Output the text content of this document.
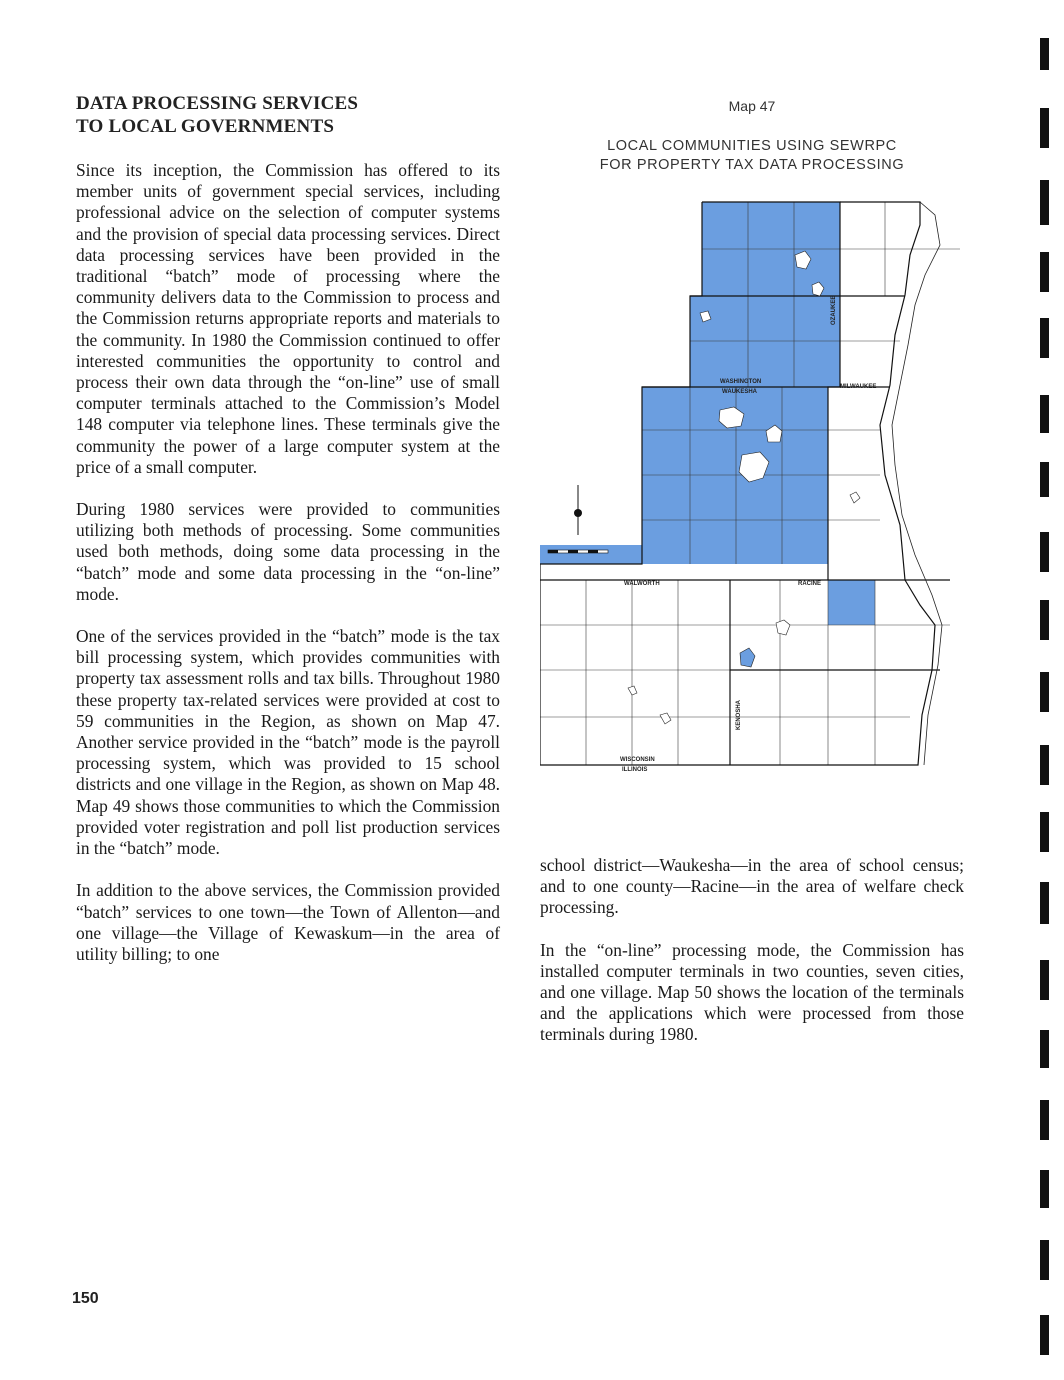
DATA PROCESSING SERVICES
TO LOCAL GOVERNMENTS

Since its inception, the Commission has offered to its member units of government special services, including professional advice on the selection of computer systems and the provision of special data processing services. Direct data processing services have been provided in the traditional “batch” mode of processing where the community delivers data to the Commission to process and the Commission returns appropriate reports and materials to the community. In 1980 the Commission continued to offer interested communities the opportunity to control and process their own data through the “on-line” use of small computer terminals attached to the Commission’s Model 148 computer via telephone lines. These terminals give the community the power of a large computer system at the price of a small computer.

During 1980 services were provided to communities utilizing both methods of processing. Some communities used both methods, doing some data processing in the “batch” mode and some data processing in the “on-line” mode.

One of the services provided in the “batch” mode is the tax bill processing system, which provides communities with property tax assessment rolls and tax bills. Throughout 1980 these property tax-related services were provided at cost to 59 communities in the Region, as shown on Map 47. Another service provided in the “batch” mode is the payroll processing system, which was provided to 15 school districts and one village in the Region, as shown on Map 48. Map 49 shows those communities to which the Commission provided voter registration and poll list production services in the “batch” mode.

In addition to the above services, the Commission provided “batch” services to one town—the Town of Allenton—and one village—the Village of Kewaskum—in the area of utility billing; to one

Map 47
LOCAL COMMUNITIES USING SEWRPC
FOR PROPERTY TAX DATA PROCESSING
WASHINGTON
OZAUKEE
WAUKESHA
MILWAUKEE
WALWORTH	RACINE
KENOSHA
WISCONSIN
ILLINOIS

school district—Waukesha—in the area of school census; and to one county—Racine—in the area of welfare check processing.

In the “on-line” processing mode, the Commission has installed computer terminals in two counties, seven cities, and one village. Map 50 shows the location of the terminals and the applications which were processed from those terminals during 1980.

150
